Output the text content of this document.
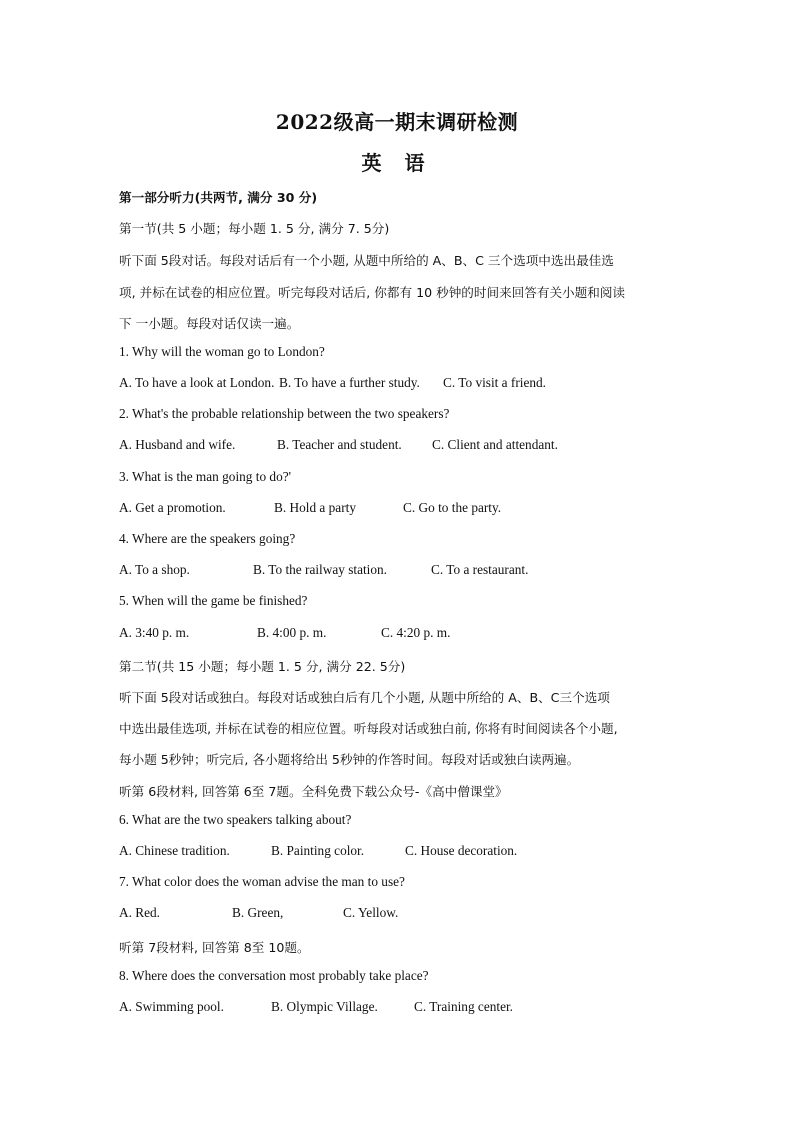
2022级高一期末调研检测
英 语
第一部分听力(共两节, 满分 30 分)
第一节(共 5 小题；每小题 1. 5 分, 满分 7. 5分)
听下面 5段对话。每段对话后有一个小题, 从题中所给的 A、B、C 三个选项中选出最佳选
项, 并标在试卷的相应位置。听完每段对话后, 你都有 10 秒钟的时间来回答有关小题和阅读
下 一小题。每段对话仅读一遍。
1. Why will the woman go to London?
A. To have a look at London. B. To have a further study. C. To visit a friend.
2. What's the probable relationship between the two speakers?
A. Husband and wife.	B. Teacher and student. C. Client and attendant.
3. What is the man going to do?'
A. Get a promotion.	B. Hold a party	C. Go to the party.
4. Where are the speakers going?
A. To a shop.	B. To the railway station.	C. To a restaurant.
5. When will the game be finished?
A. 3:40 p. m.	B. 4:00 p. m.	C. 4:20 p. m.
第二节(共 15 小题；每小题 1. 5 分, 满分 22. 5分)
听下面 5段对话或独白。每段对话或独白后有几个小题, 从题中所给的 A、B、C三个选项
中选出最佳选项, 并标在试卷的相应位置。听每段对话或独白前, 你将有时间阅读各个小题,
每小题 5秒钟；听完后, 各小题将给出 5秒钟的作答时间。每段对话或独白读两遍。
听第 6段材料, 回答第 6至 7题。全科免费下载公众号-《高中僧课堂》
6. What are the two speakers talking about?
A. Chinese tradition.	B. Painting color.	C. House decoration.
7. What color does the woman advise the man to use?
A. Red.	B. Green,	C. Yellow.
听第 7段材料, 回答第 8至 10题。
8. Where does the conversation most probably take place?
A. Swimming pool.	B. Olympic Village.	C. Training center.
